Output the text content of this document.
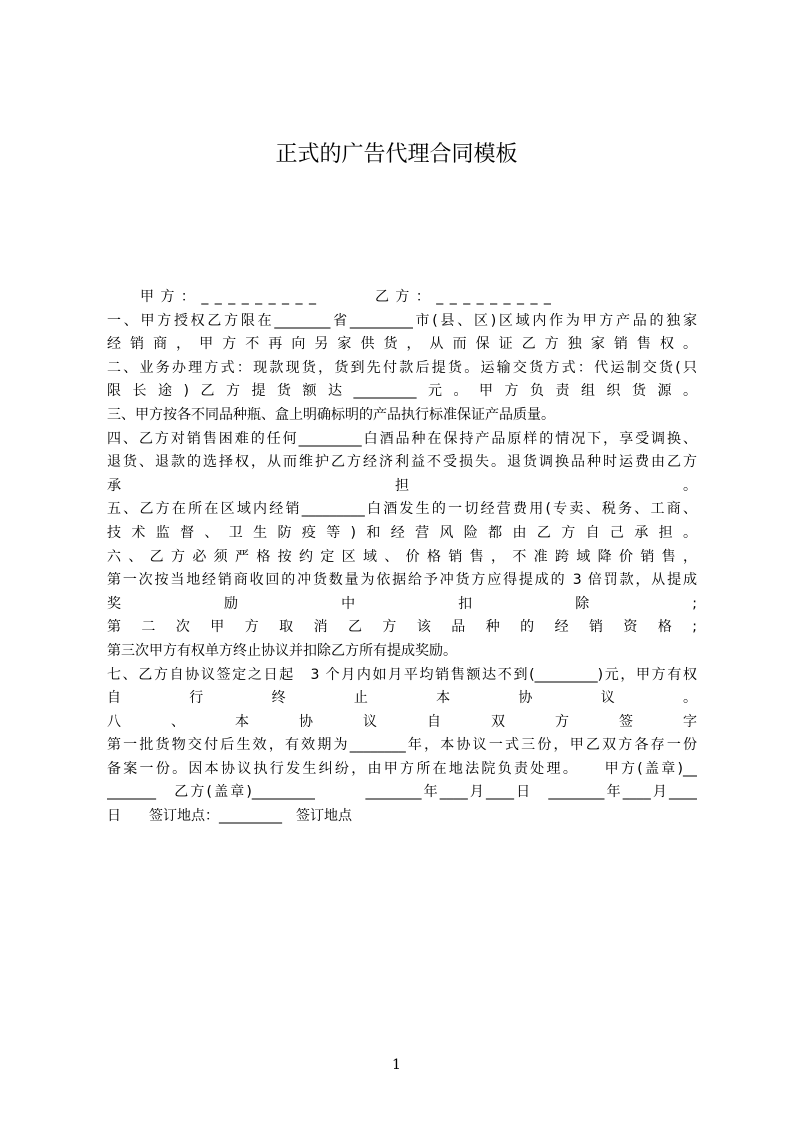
正式的广告代理合同模板
甲 方 ： _ _ _ _ _ _ _ _ _	乙 方 ： _ _ _ _ _ _ _ _ _
一、甲方授权乙方限在________省_________市(县、区)区域内作为甲方产品的独家
经销商，甲方不再向另家供货，从而保证乙方独家销售权。
二、业务办理方式：现款现货，货到先付款后提货。运输交货方式：代运制交货(只
限长途)乙方提货额达_________元。甲方负责组织货源。
三、甲方按各不同品种瓶、盒上明确标明的产品执行标准保证产品质量。
四、乙方对销售困难的任何_________白酒品种在保持产品原样的情况下，享受调换、
退货、退款的选择权，从而维护乙方经济利益不受损失。退货调换品种时运费由乙方
承担。
五、乙方在所在区域内经销_________白酒发生的一切经营费用(专卖、税务、工商、
技术监督、卫生防疫等)和经营风险都由乙方自己承担。
六、乙方必须严格按约定区域、价格销售，不准跨域降价销售，
第一次按当地经销商收回的冲货数量为依据给予冲货方应得提成的 3 倍罚款，从提成
奖励中扣除;
第二次甲方取消乙方该品种的经销资格;
第三次甲方有权单方终止协议并扣除乙方所有提成奖励。
七、乙方自协议签定之日起　3 个月内如月平均销售额达不到(_________)元，甲方有权
自行终止本协议。
八、本协议自双方签字
第一批货物交付后生效，有效期为________年，本协议一式三份，甲乙双方各存一份
备案一份。因本协议执行发生纠纷，由甲方所在地法院负责处理。　　甲方(盖章)__
_______　乙方(盖章)_________　　　________年____月____日　________年____月____
日　　签订地点：_________　签订地点
1
